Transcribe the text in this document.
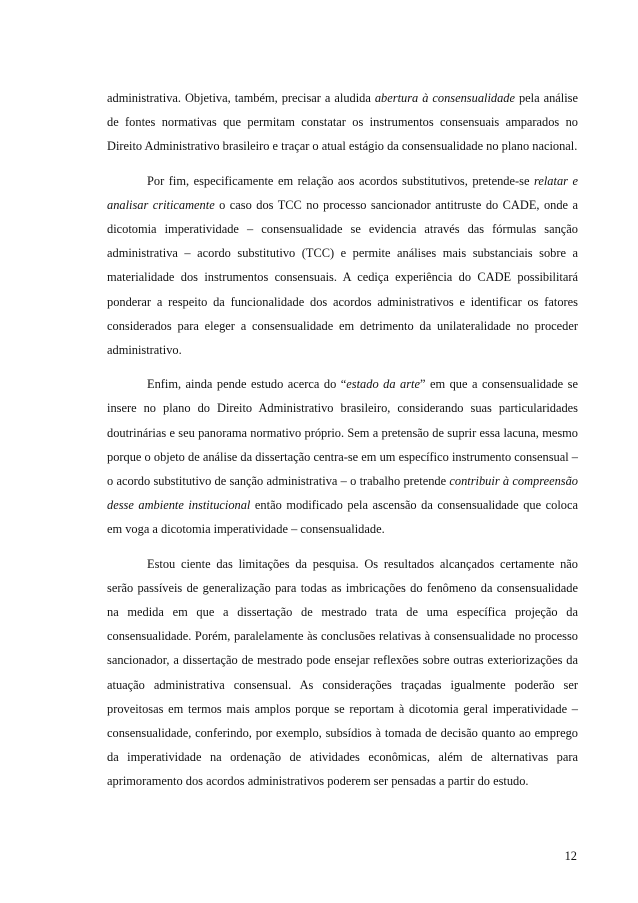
administrativa. Objetiva, também, precisar a aludida abertura à consensualidade pela análise de fontes normativas que permitam constatar os instrumentos consensuais amparados no Direito Administrativo brasileiro e traçar o atual estágio da consensualidade no plano nacional.

Por fim, especificamente em relação aos acordos substitutivos, pretende-se relatar e analisar criticamente o caso dos TCC no processo sancionador antitruste do CADE, onde a dicotomia imperatividade – consensualidade se evidencia através das fórmulas sanção administrativa – acordo substitutivo (TCC) e permite análises mais substanciais sobre a materialidade dos instrumentos consensuais. A cediça experiência do CADE possibilitará ponderar a respeito da funcionalidade dos acordos administrativos e identificar os fatores considerados para eleger a consensualidade em detrimento da unilateralidade no proceder administrativo.

Enfim, ainda pende estudo acerca do “estado da arte” em que a consensualidade se insere no plano do Direito Administrativo brasileiro, considerando suas particularidades doutrinárias e seu panorama normativo próprio. Sem a pretensão de suprir essa lacuna, mesmo porque o objeto de análise da dissertação centra-se em um específico instrumento consensual – o acordo substitutivo de sanção administrativa – o trabalho pretende contribuir à compreensão desse ambiente institucional então modificado pela ascensão da consensualidade que coloca em voga a dicotomia imperatividade – consensualidade.

Estou ciente das limitações da pesquisa. Os resultados alcançados certamente não serão passíveis de generalização para todas as imbricações do fenômeno da consensualidade na medida em que a dissertação de mestrado trata de uma específica projeção da consensualidade. Porém, paralelamente às conclusões relativas à consensualidade no processo sancionador, a dissertação de mestrado pode ensejar reflexões sobre outras exteriorizações da atuação administrativa consensual. As considerações traçadas igualmente poderão ser proveitosas em termos mais amplos porque se reportam à dicotomia geral imperatividade – consensualidade, conferindo, por exemplo, subsídios à tomada de decisão quanto ao emprego da imperatividade na ordenação de atividades econômicas, além de alternativas para aprimoramento dos acordos administrativos poderem ser pensadas a partir do estudo.

12
